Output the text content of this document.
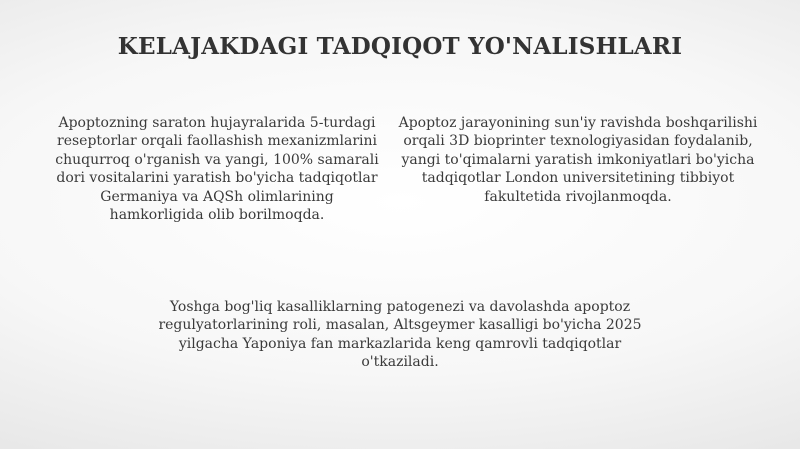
KELAJAKDAGI TADQIQOT YO'NALISHLARI

Apoptozning saraton hujayralarida 5-turdagi reseptorlar orqali faollashish mexanizmlarini chuqurroq o'rganish va yangi, 100% samarali dori vositalarini yaratish bo'yicha tadqiqotlar Germaniya va AQSh olimlarining hamkorligida olib borilmoqda.

Apoptoz jarayonining sun'iy ravishda boshqarilishi orqali 3D bioprinter texnologiyasidan foydalanib, yangi to'qimalarni yaratish imkoniyatlari bo'yicha tadqiqotlar London universitetining tibbiyot fakultetida rivojlanmoqda.

Yoshga bog'liq kasalliklarning patogenezi va davolashda apoptoz regulyatorlarining roli, masalan, Altsgeymer kasalligi bo'yicha 2025 yilgacha Yaponiya fan markazlarida keng qamrovli tadqiqotlar o'tkaziladi.
